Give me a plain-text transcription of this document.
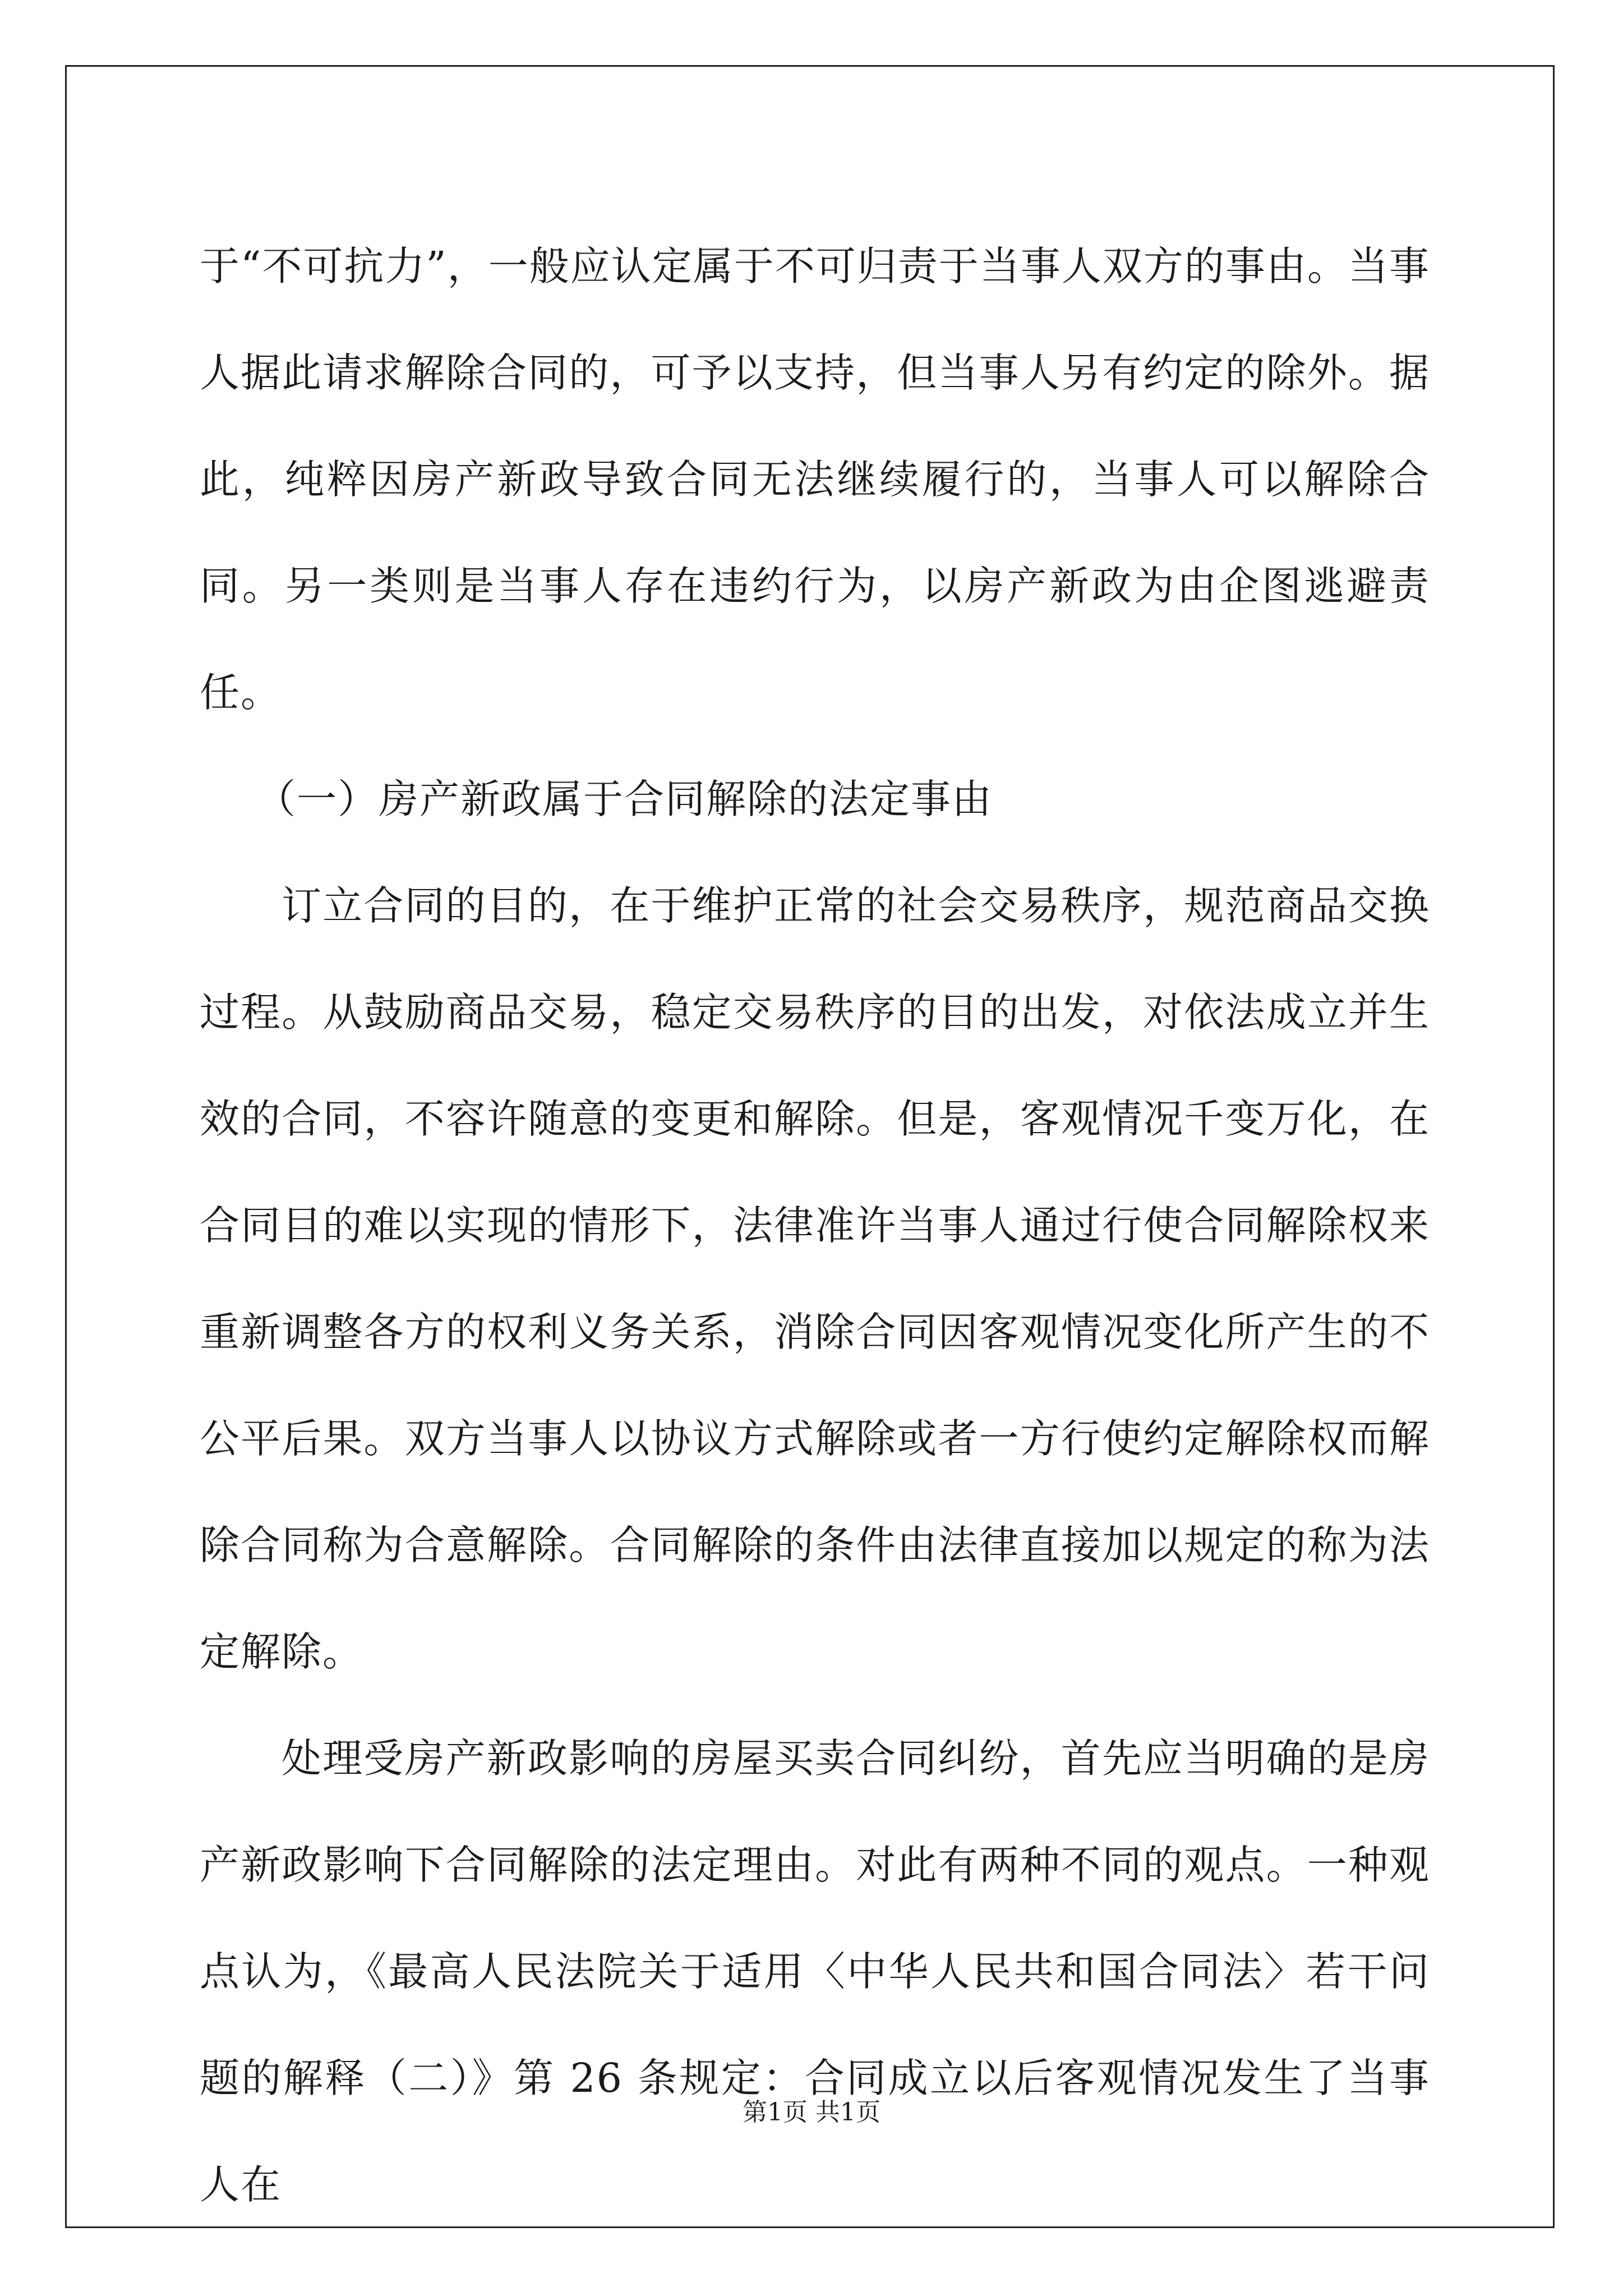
于“不可抗力”，一般应认定属于不可归责于当事人双方的事由。当事人据此请求解除合同的，可予以支持，但当事人另有约定的除外。据此，纯粹因房产新政导致合同无法继续履行的，当事人可以解除合同。另一类则是当事人存在违约行为，以房产新政为由企图逃避责任。

（一）房产新政属于合同解除的法定事由

订立合同的目的，在于维护正常的社会交易秩序，规范商品交换过程。从鼓励商品交易，稳定交易秩序的目的出发，对依法成立并生效的合同，不容许随意的变更和解除。但是，客观情况千变万化，在合同目的难以实现的情形下，法律准许当事人通过行使合同解除权来重新调整各方的权利义务关系，消除合同因客观情况变化所产生的不公平后果。双方当事人以协议方式解除或者一方行使约定解除权而解除合同称为合意解除。合同解除的条件由法律直接加以规定的称为法定解除。

处理受房产新政影响的房屋买卖合同纠纷，首先应当明确的是房产新政影响下合同解除的法定理由。对此有两种不同的观点。一种观点认为，《最高人民法院关于适用〈中华人民共和国合同法〉若干问题的解释（二）》第 26 条规定：合同成立以后客观情况发生了当事人在

第1页 共1页
